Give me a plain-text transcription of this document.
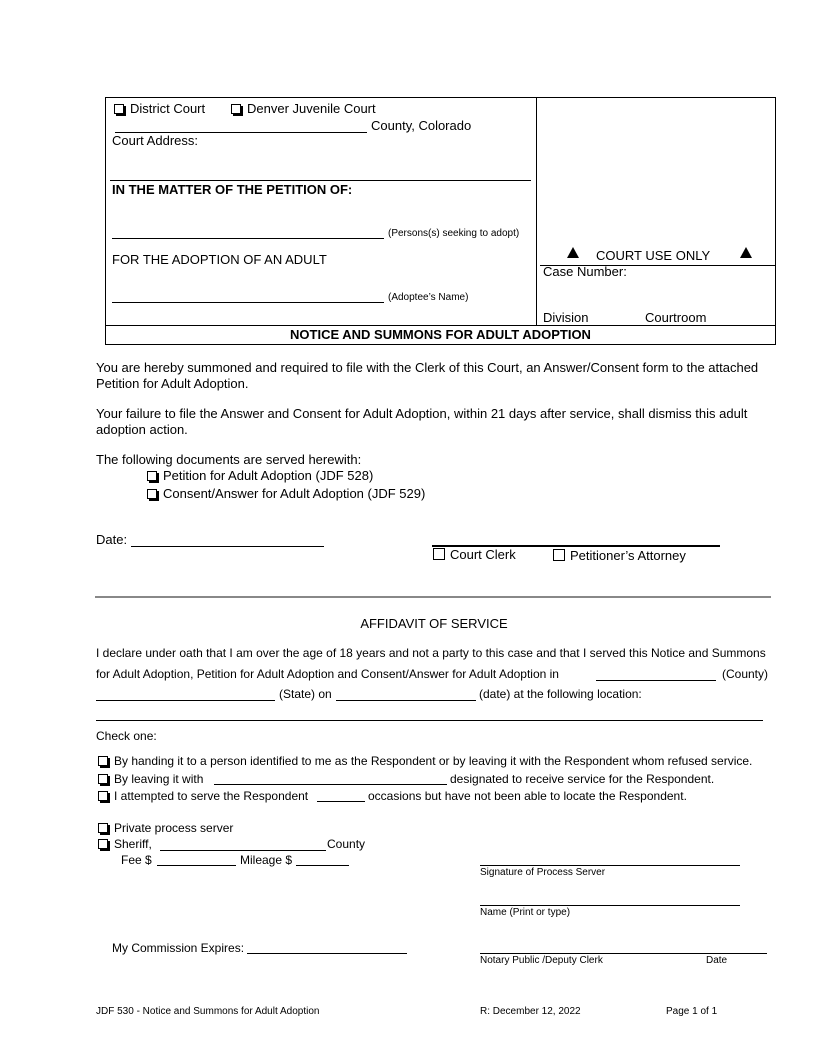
District Court	Denver Juvenile Court
County, Colorado
Court Address:
IN THE MATTER OF THE PETITION OF:
(Persons(s) seeking to adopt)
FOR THE ADOPTION OF AN ADULT
(Adoptee’s Name)
COURT USE ONLY
Case Number:
Division	Courtroom
NOTICE AND SUMMONS FOR ADULT ADOPTION
You are hereby summoned and required to file with the Clerk of this Court, an Answer/Consent form to the attached Petition for Adult Adoption.
Your failure to file the Answer and Consent for Adult Adoption, within 21 days after service, shall dismiss this adult adoption action.
The following documents are served herewith:
Petition for Adult Adoption (JDF 528)
Consent/Answer for Adult Adoption (JDF 529)
Date:
Court Clerk	Petitioner’s Attorney
AFFIDAVIT OF SERVICE
I declare under oath that I am over the age of 18 years and not a party to this case and that I served this Notice and Summons
for Adult Adoption, Petition for Adult Adoption and Consent/Answer for Adult Adoption in	(County)
(State) on	(date) at the following location:
Check one:
By handing it to a person identified to me as the Respondent or by leaving it with the Respondent whom refused service.
By leaving it with	designated to receive service for the Respondent.
I attempted to serve the Respondent	occasions but have not been able to locate the Respondent.
Private process server
Sheriff,	County
Fee $	Mileage $
Signature of Process Server
Name (Print or type)
My Commission Expires:
Notary Public /Deputy Clerk	Date
JDF 530 - Notice and Summons for Adult Adoption	R: December 12, 2022	Page 1 of 1
